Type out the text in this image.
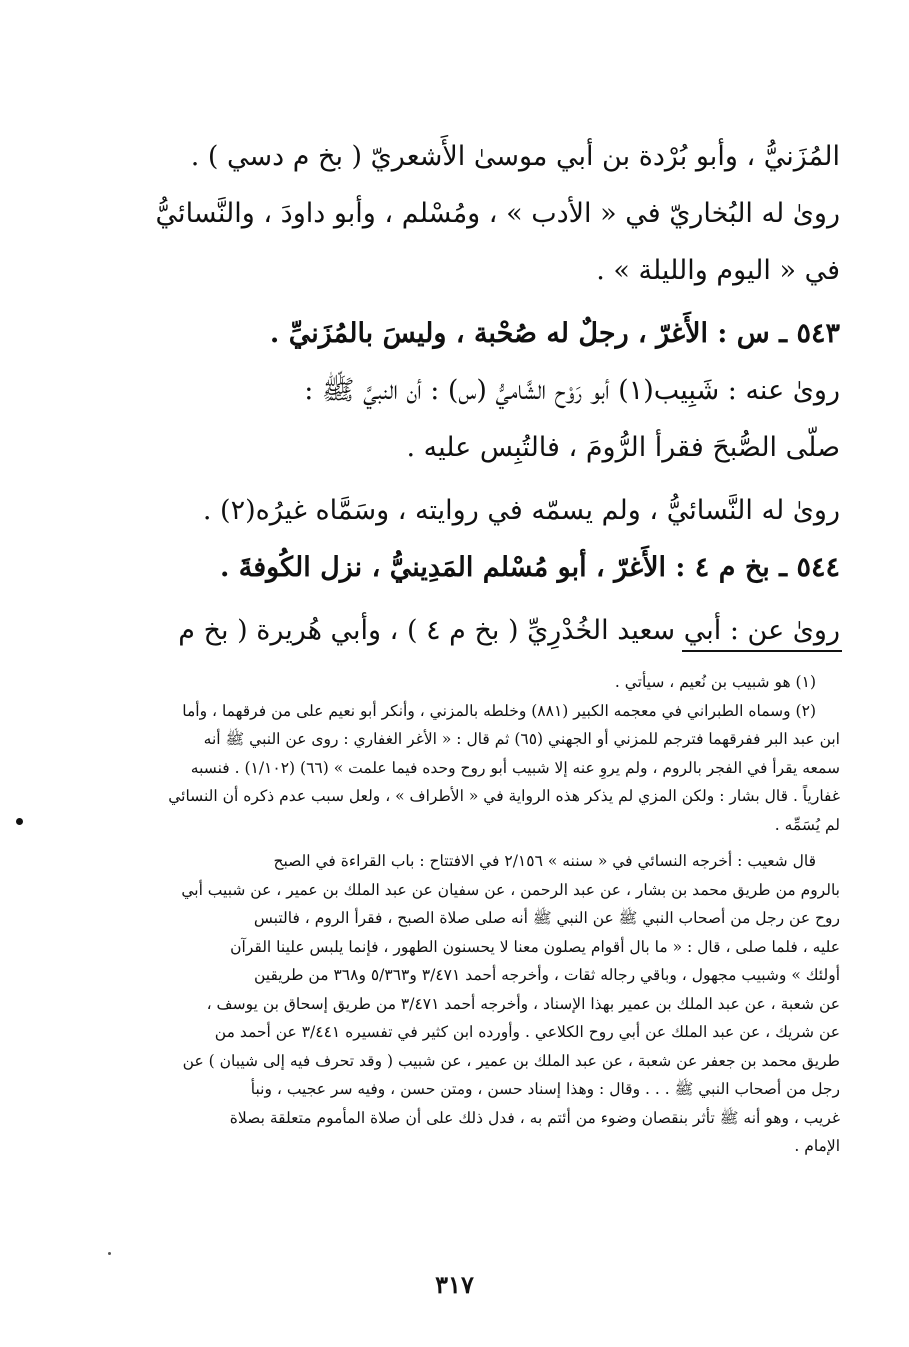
المُزَنيُّ ، وأبو بُرْدة بن أبي موسىٰ الأَشعريّ ( بخ م دسي ) .

روىٰ له البُخاريّ في « الأدب » ، ومُسْلم ، وأبو داودَ ، والنَّسائيُّ

في « اليوم والليلة » .

٥٤٣ ـ س : الأَغرّ ، رجلٌ له صُحْبة ، وليسَ بالمُزَنيِّ .

روىٰ عنه : شَبِيب(١) أبو رَوْح الشَّاميُّ (س) : أن النبيَّ ﷺ :

صلّى الصُّبحَ فقرأ الرُّومَ ، فالتُبِس عليه .

روىٰ له النَّسائيُّ ، ولم يسمّه في روايته ، وسَمَّاه غيرُه(٢) .

٥٤٤ ـ بخ م ٤ : الأَغرّ ، أبو مُسْلم المَدِينيُّ ، نزل الكُوفةَ .

روىٰ عن : أبي سعيد الخُدْرِيِّ ( بخ م ٤ ) ، وأبي هُريرة ( بخ م

(١) هو شبيب بن نُعيم ، سيأتي .

(٢) وسماه الطبراني في معجمه الكبير (٨٨١) وخلطه بالمزني ، وأنكر أبو نعيم على من فرقهما ، وأما

ابن عبد البر ففرقهما فترجم للمزني أو الجهني (٦٥) ثم قال : « الأغر الغفاري : روى عن النبي ﷺ أنه

سمعه يقرأ في الفجر بالروم ، ولم يروِ عنه إلا شبيب أبو روح وحده فيما علمت » (٦٦) (١/١٠٢) . فنسبه

غفارياً . قال بشار : ولكن المزي لم يذكر هذه الرواية في « الأطراف » ، ولعل سبب عدم ذكره أن النسائي

لم يُسَمِّه .

قال شعيب : أخرجه النسائي في « سننه » ٢/١٥٦ في الافتتاح : باب القراءة في الصبح

بالروم من طريق محمد بن بشار ، عن عبد الرحمن ، عن سفيان عن عبد الملك بن عمير ، عن شبيب أبي

روح عن رجل من أصحاب النبي ﷺ عن النبي ﷺ أنه صلى صلاة الصبح ، فقرأ الروم ، فالتبس

عليه ، فلما صلى ، قال : « ما بال أقوام يصلون معنا لا يحسنون الطهور ، فإنما يلبس علينا القرآن

أولئك » وشبيب مجهول ، وباقي رجاله ثقات ، وأخرجه أحمد ٣/٤٧١ و٥/٣٦٣ و٣٦٨ من طريقين

عن شعبة ، عن عبد الملك بن عمير بهذا الإسناد ، وأخرجه أحمد ٣/٤٧١ من طريق إسحاق بن يوسف ،

عن شريك ، عن عبد الملك عن أبي روح الكلاعي . وأورده ابن كثير في تفسيره ٣/٤٤١ عن أحمد من

طريق محمد بن جعفر عن شعبة ، عن عبد الملك بن عمير ، عن شبيب ( وقد تحرف فيه إلى شيبان ) عن

رجل من أصحاب النبي ﷺ . . . وقال : وهذا إسناد حسن ، ومتن حسن ، وفيه سر عجيب ، ونبأ

غريب ، وهو أنه ﷺ تأثر بنقصان وضوء من أئتم به ، فدل ذلك على أن صلاة المأموم متعلقة بصلاة

الإمام .

٣١٧
